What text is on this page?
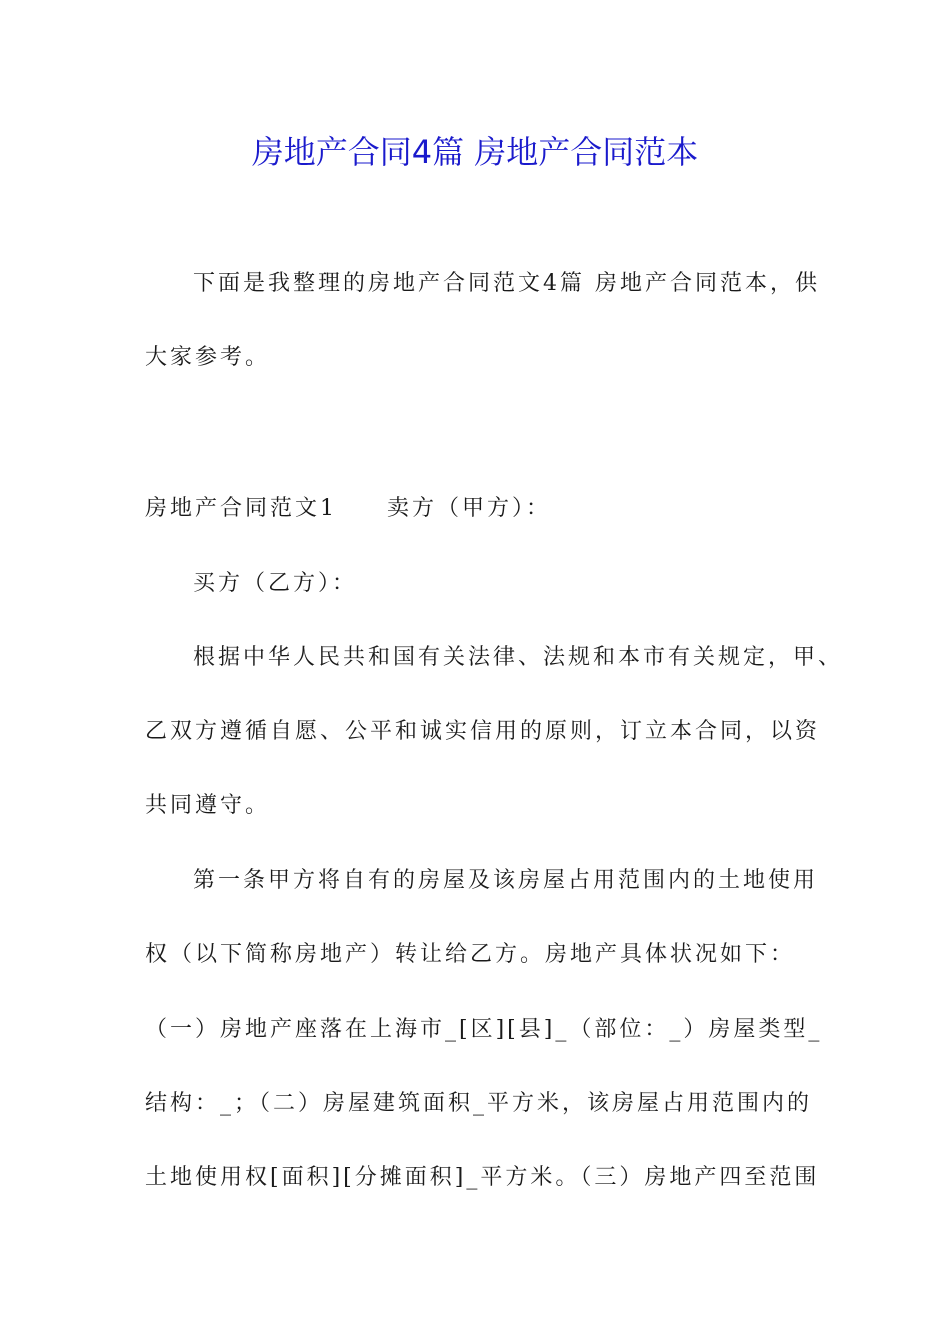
房地产合同4篇 房地产合同范本
下面是我整理的房地产合同范文4篇 房地产合同范本，供
大家参考。
房地产合同范文1　　卖方（甲方）：
买方（乙方）：
根据中华人民共和国有关法律、法规和本市有关规定，甲、
乙双方遵循自愿、公平和诚实信用的原则，订立本合同，以资
共同遵守。
第一条甲方将自有的房屋及该房屋占用范围内的土地使用
权（以下简称房地产）转让给乙方。房地产具体状况如下：
（一）房地产座落在上海市_[区][县]_（部位：_）房屋类型_
结构：_；（二）房屋建筑面积_平方米，该房屋占用范围内的
土地使用权[面积][分摊面积]_平方米。（三）房地产四至范围
